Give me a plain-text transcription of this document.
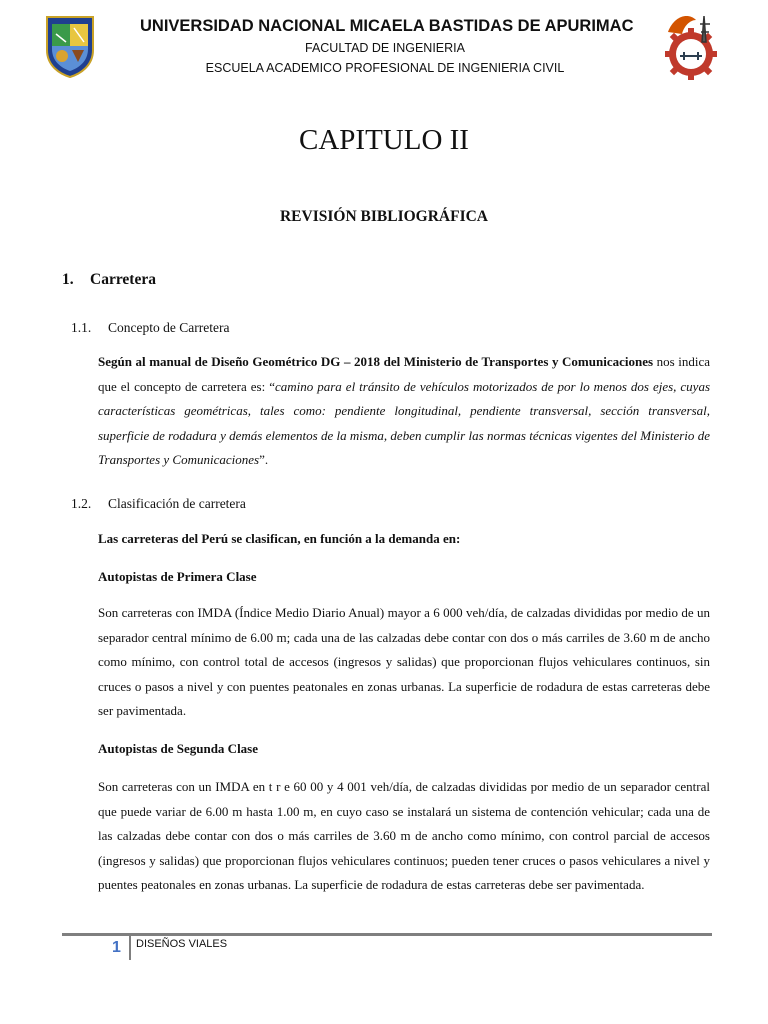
UNIVERSIDAD NACIONAL MICAELA BASTIDAS DE APURIMAC
FACULTAD DE INGENIERIA
ESCUELA ACADEMICO PROFESIONAL DE INGENIERIA CIVIL
CAPITULO II
REVISIÓN BIBLIOGRÁFICA
1. Carretera
1.1. Concepto de Carretera

Según al manual de Diseño Geométrico DG – 2018 del Ministerio de Transportes y Comunicaciones nos indica que el concepto de carretera es: “camino para el tránsito de vehículos motorizados de por lo menos dos ejes, cuyas características geométricas, tales como: pendiente longitudinal, pendiente transversal, sección transversal, superficie de rodadura y demás elementos de la misma, deben cumplir las normas técnicas vigentes del Ministerio de Transportes y Comunicaciones”.

1.2. Clasificación de carretera
Las carreteras del Perú se clasifican, en función a la demanda en:
Autopistas de Primera Clase

Son carreteras con IMDA (Índice Medio Diario Anual) mayor a 6 000 veh/día, de calzadas divididas por medio de un separador central mínimo de 6.00 m; cada una de las calzadas debe contar con dos o más carriles de 3.60 m de ancho como mínimo, con control total de accesos (ingresos y salidas) que proporcionan flujos vehiculares continuos, sin cruces o pasos a nivel y con puentes peatonales en zonas urbanas. La superficie de rodadura de estas carreteras debe ser pavimentada.

Autopistas de Segunda Clase

Son carreteras con un IMDA en t r e 60 00 y 4 001 veh/día, de calzadas divididas por medio de un separador central que puede variar de 6.00 m hasta 1.00 m, en cuyo caso se instalará un sistema de contención vehicular; cada una de las calzadas debe contar con dos o más carriles de 3.60 m de ancho como mínimo, con control parcial de accesos (ingresos y salidas) que proporcionan flujos vehiculares continuos; pueden tener cruces o pasos vehiculares a nivel y puentes peatonales en zonas urbanas. La superficie de rodadura de estas carreteras debe ser pavimentada.

1 DISEÑOS VIALES
